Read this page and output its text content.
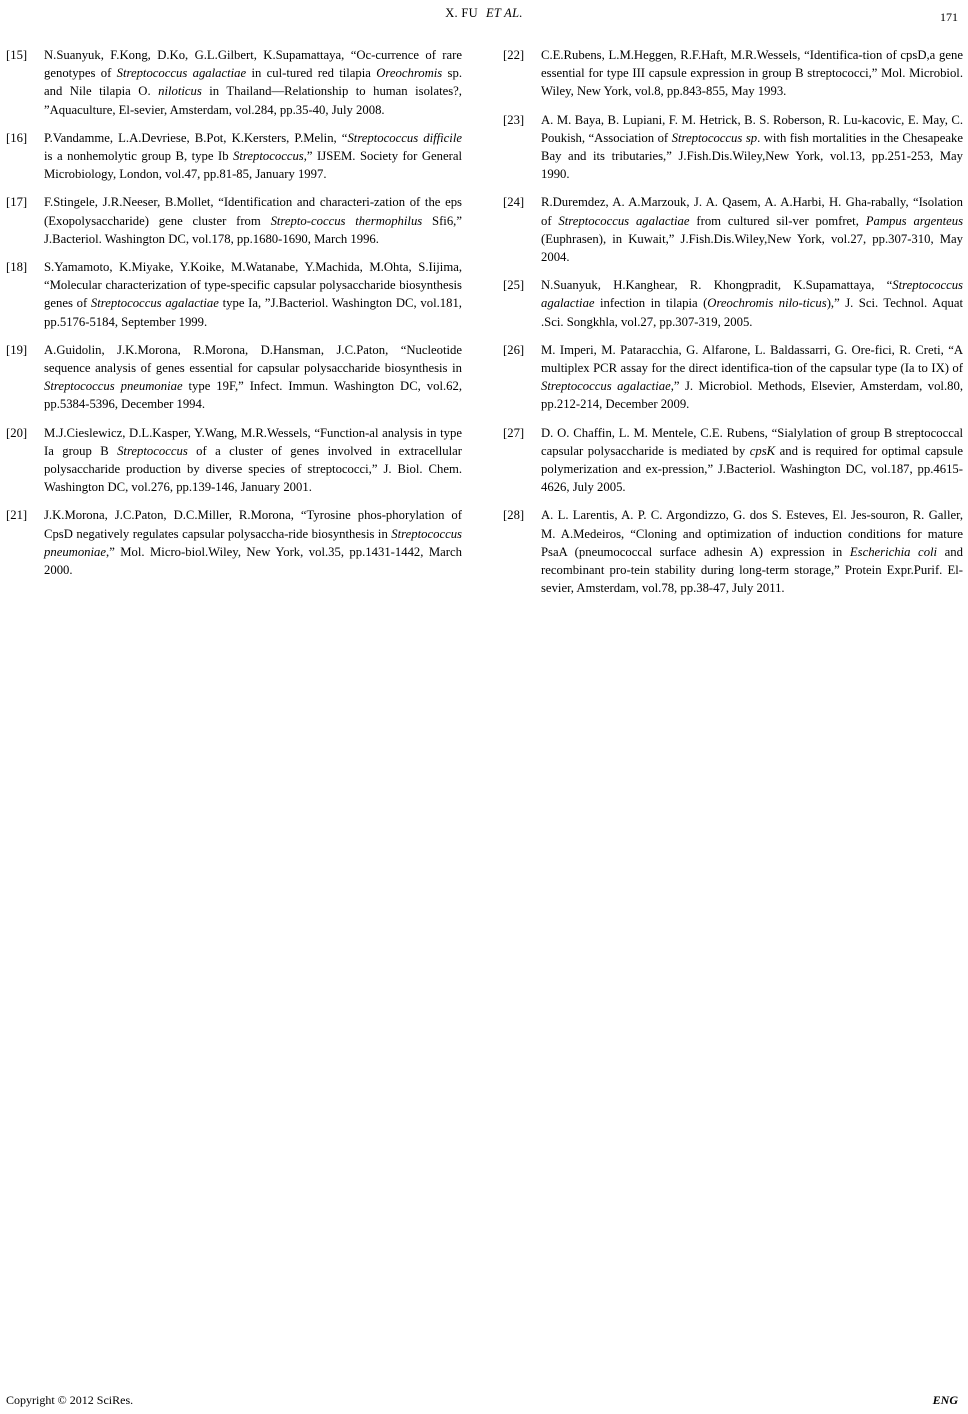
X. FU ET AL.	171
[15]	N.Suanyuk, F.Kong, D.Ko, G.L.Gilbert, K.Supamattaya, “Oc-currence of rare genotypes of Streptococcus agalactiae in cul-tured red tilapia Oreochromis sp. and Nile tilapia O. niloticus in Thailand—Relationship to human isolates?, ”Aquaculture, El-sevier, Amsterdam, vol.284, pp.35-40, July 2008.
[16]	P.Vandamme, L.A.Devriese, B.Pot, K.Kersters, P.Melin, “Streptococcus difficile is a nonhemolytic group B, type Ib Streptococcus,” IJSEM. Society for General Microbiology, London, vol.47, pp.81-85, January 1997.
[17]	F.Stingele, J.R.Neeser, B.Mollet, “Identification and characteri-zation of the eps (Exopolysaccharide) gene cluster from Strepto-coccus thermophilus Sfi6,” J.Bacteriol. Washington DC, vol.178, pp.1680-1690, March 1996.
[18]	S.Yamamoto, K.Miyake, Y.Koike, M.Watanabe, Y.Machida, M.Ohta, S.Iijima, “Molecular characterization of type-specific capsular polysaccharide biosynthesis genes of Streptococcus agalactiae type Ia, ”J.Bacteriol. Washington DC, vol.181, pp.5176-5184, September 1999.
[19]	A.Guidolin, J.K.Morona, R.Morona, D.Hansman, J.C.Paton, “Nucleotide sequence analysis of genes essential for capsular polysaccharide biosynthesis in Streptococcus pneumoniae type 19F,” Infect. Immun. Washington DC, vol.62, pp.5384-5396, December 1994.
[20]	M.J.Cieslewicz, D.L.Kasper, Y.Wang, M.R.Wessels, “Function-al analysis in type Ia group B Streptococcus of a cluster of genes involved in extracellular polysaccharide production by diverse species of streptococci,” J. Biol. Chem. Washington DC, vol.276, pp.139-146, January 2001.
[21]	J.K.Morona, J.C.Paton, D.C.Miller, R.Morona, “Tyrosine phos-phorylation of CpsD negatively regulates capsular polysaccha-ride biosynthesis in Streptococcus pneumoniae,” Mol. Micro-biol.Wiley, New York, vol.35, pp.1431-1442, March 2000.
[22]	C.E.Rubens, L.M.Heggen, R.F.Haft, M.R.Wessels, “Identifica-tion of cpsD,a gene essential for type III capsule expression in group B streptococci,” Mol. Microbiol. Wiley, New York, vol.8, pp.843-855, May 1993.
[23]	A. M. Baya, B. Lupiani, F. M. Hetrick, B. S. Roberson, R. Lu-kacovic, E. May, C. Poukish, “Association of Streptococcus sp. with fish mortalities in the Chesapeake Bay and its tributaries,” J.Fish.Dis.Wiley,New York, vol.13, pp.251-253, May 1990.
[24]	R.Duremdez, A. A.Marzouk, J. A. Qasem, A. A.Harbi, H. Gha-rabally, “Isolation of Streptococcus agalactiae from cultured sil-ver pomfret, Pampus argenteus (Euphrasen), in Kuwait,” J.Fish.Dis.Wiley,New York, vol.27, pp.307-310, May 2004.
[25]	N.Suanyuk, H.Kanghear, R. Khongpradit, K.Supamattaya, “Streptococcus agalactiae infection in tilapia (Oreochromis nilo-ticus),” J. Sci. Technol. Aquat .Sci. Songkhla, vol.27, pp.307-319, 2005.
[26]	M. Imperi, M. Pataracchia, G. Alfarone, L. Baldassarri, G. Ore-fici, R. Creti, “A multiplex PCR assay for the direct identifica-tion of the capsular type (Ia to IX) of Streptococcus agalactiae,” J. Microbiol. Methods, Elsevier, Amsterdam, vol.80, pp.212-214, December 2009.
[27]	D. O. Chaffin, L. M. Mentele, C.E. Rubens, “Sialylation of group B streptococcal capsular polysaccharide is mediated by cpsK and is required for optimal capsule polymerization and ex-pression,” J.Bacteriol. Washington DC, vol.187, pp.4615-4626, July 2005.
[28]	A. L. Larentis, A. P. C. Argondizzo, G. dos S. Esteves, El. Jes-souron, R. Galler, M. A.Medeiros, “Cloning and optimization of induction conditions for mature PsaA (pneumococcal surface adhesin A) expression in Escherichia coli and recombinant pro-tein stability during long-term storage,” Protein Expr.Purif. El-sevier, Amsterdam, vol.78, pp.38-47, July 2011.
Copyright © 2012 SciRes.	ENG
